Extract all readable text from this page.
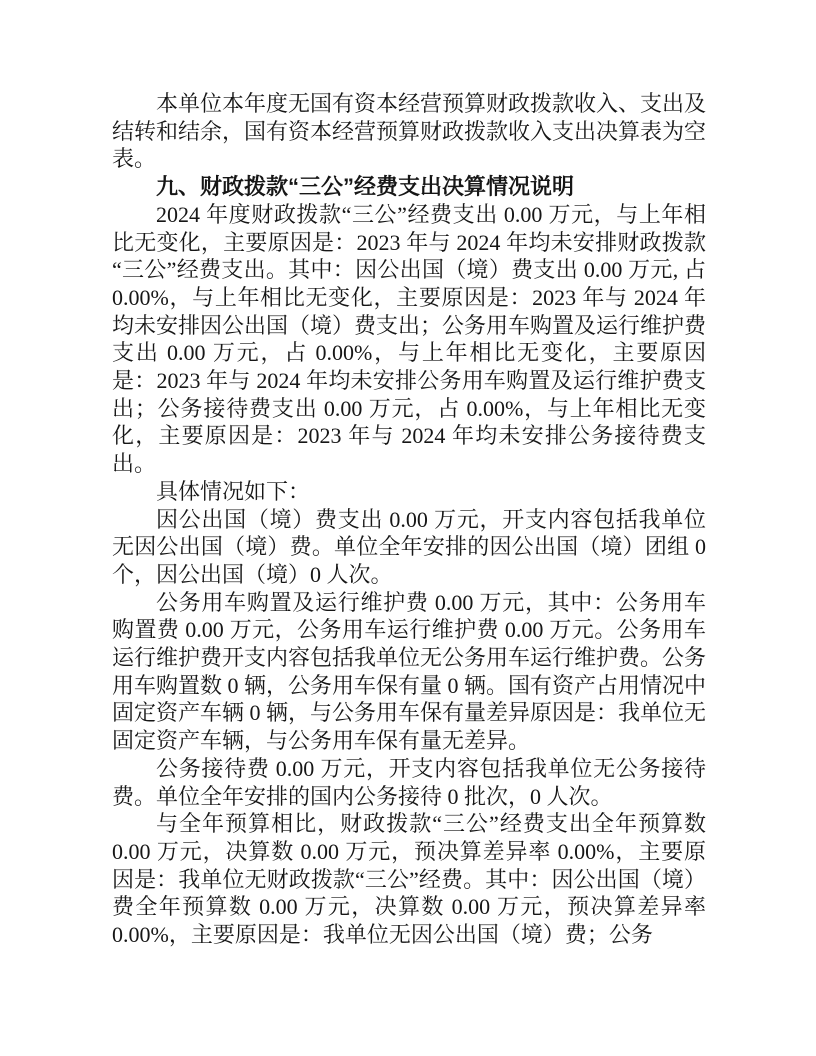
本单位本年度无国有资本经营预算财政拨款收入、支出及结转和结余，国有资本经营预算财政拨款收入支出决算表为空表。

九、财政拨款“三公”经费支出决算情况说明

2024 年度财政拨款“三公”经费支出 0.00 万元，与上年相比无变化，主要原因是：2023 年与 2024 年均未安排财政拨款“三公”经费支出。其中：因公出国（境）费支出 0.00 万元, 占 0.00%，与上年相比无变化，主要原因是：2023 年与 2024 年均未安排因公出国（境）费支出；公务用车购置及运行维护费支出 0.00 万元，占 0.00%，与上年相比无变化，主要原因是：2023 年与 2024 年均未安排公务用车购置及运行维护费支出；公务接待费支出 0.00 万元，占 0.00%，与上年相比无变化，主要原因是：2023 年与 2024 年均未安排公务接待费支出。

具体情况如下：

因公出国（境）费支出 0.00 万元，开支内容包括我单位无因公出国（境）费。单位全年安排的因公出国（境）团组 0 个，因公出国（境）0 人次。

公务用车购置及运行维护费 0.00 万元，其中：公务用车购置费 0.00 万元，公务用车运行维护费 0.00 万元。公务用车运行维护费开支内容包括我单位无公务用车运行维护费。公务用车购置数 0 辆，公务用车保有量 0 辆。国有资产占用情况中固定资产车辆 0 辆，与公务用车保有量差异原因是：我单位无固定资产车辆，与公务用车保有量无差异。

公务接待费 0.00 万元，开支内容包括我单位无公务接待费。单位全年安排的国内公务接待 0 批次，0 人次。

与全年预算相比，财政拨款“三公”经费支出全年预算数 0.00 万元，决算数 0.00 万元，预决算差异率 0.00%，主要原因是：我单位无财政拨款“三公”经费。其中：因公出国（境）费全年预算数 0.00 万元，决算数 0.00 万元，预决算差异率 0.00%，主要原因是：我单位无因公出国（境）费；公务
